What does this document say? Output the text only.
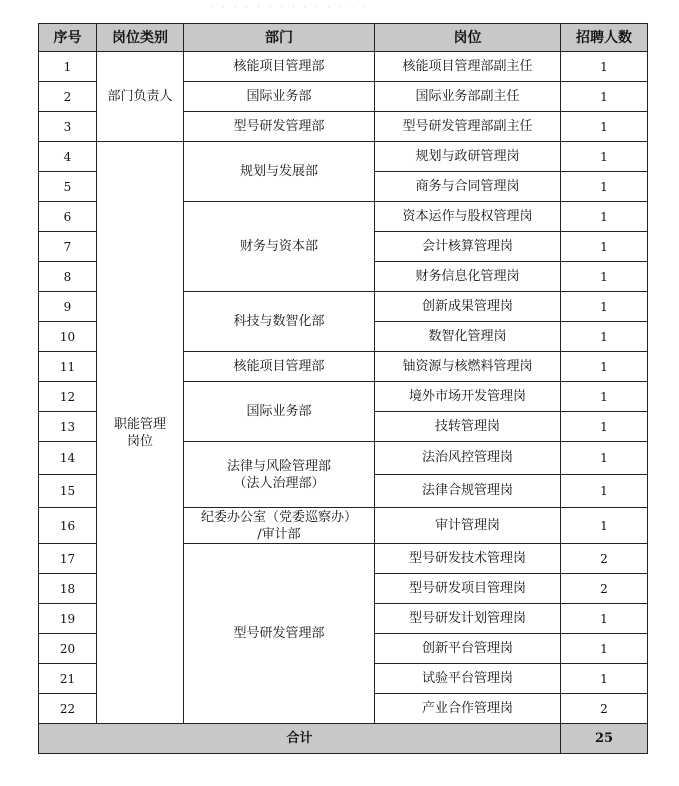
· · · · · · · · · · · · · ·
序号	岗位类别	部门	岗位	招聘人数
1	部门负责人	核能项目管理部	核能项目管理部副主任	1
2		国际业务部	国际业务部副主任	1
3		型号研发管理部	型号研发管理部副主任	1
4	职能管理岗位	规划与发展部	规划与政研管理岗	1
5			商务与合同管理岗	1
6		财务与资本部	资本运作与股权管理岗	1
7			会计核算管理岗	1
8			财务信息化管理岗	1
9		科技与数智化部	创新成果管理岗	1
10			数智化管理岗	1
11		核能项目管理部	铀资源与核燃料管理岗	1
12		国际业务部	境外市场开发管理岗	1
13			技转管理岗	1
14		法律与风险管理部
（法人治理部）	法治风控管理岗	1
15			法律合规管理岗	1
16		纪委办公室（党委巡察办）
/审计部	审计管理岗	1
17		型号研发管理部	型号研发技术管理岗	2
18			型号研发项目管理岗	2
19			型号研发计划管理岗	1
20			创新平台管理岗	1
21			试验平台管理岗	1
22			产业合作管理岗	2
合计				25
